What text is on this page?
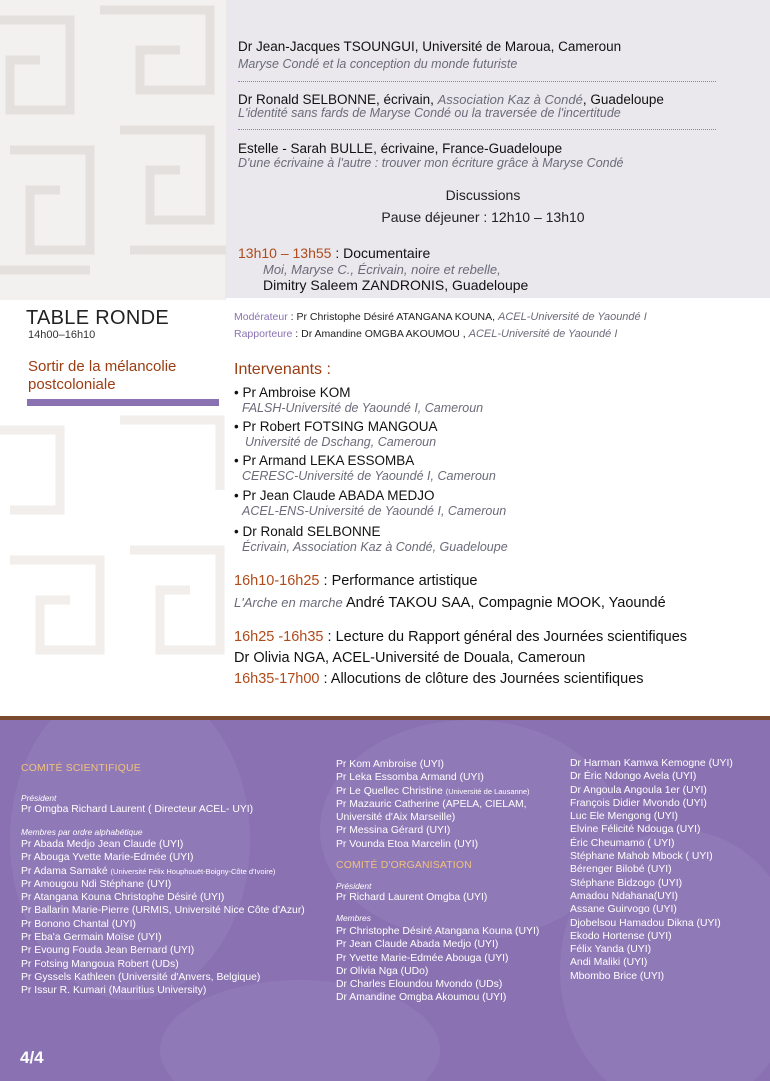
Dr Jean-Jacques TSOUNGUI, Université de Maroua, Cameroun
Maryse Condé et la conception du monde futuriste
Dr Ronald SELBONNE, écrivain, Association Kaz à Condé, Guadeloupe
L'identité sans fards de Maryse Condé ou la traversée de l'incertitude
Estelle - Sarah BULLE, écrivaine, France-Guadeloupe
D'une écrivaine à l'autre : trouver mon écriture grâce à Maryse Condé
Discussions
Pause déjeuner : 12h10 – 13h10
13h10 – 13h55 : Documentaire
Moi, Maryse C., Écrivain, noire et rebelle,
Dimitry Saleem ZANDRONIS, Guadeloupe
TABLE RONDE
14h00–16h10
Sortir de la mélancolie
postcoloniale
Modérateur : Pr Christophe Désiré ATANGANA KOUNA, ACEL-Université de Yaoundé I
Rapporteure : Dr Amandine OMGBA AKOUMOU , ACEL-Université de Yaoundé I
Intervenants :
• Pr Ambroise KOM
FALSH-Université de Yaoundé I, Cameroun
• Pr Robert FOTSING MANGOUA
Université de Dschang, Cameroun
• Pr Armand LEKA ESSOMBA
CERESC-Université de Yaoundé I, Cameroun
• Pr Jean Claude ABADA MEDJO
ACEL-ENS-Université de Yaoundé I, Cameroun
• Dr Ronald SELBONNE
Écrivain, Association Kaz à Condé, Guadeloupe
16h10-16h25 : Performance artistique
L'Arche en marche André TAKOU SAA, Compagnie MOOK, Yaoundé
16h25 -16h35 : Lecture du Rapport général des Journées scientifiques
Dr Olivia NGA, ACEL-Université de Douala, Cameroun
16h35-17h00 : Allocutions de clôture des Journées scientifiques
COMITÉ SCIENTIFIQUE
Président
Pr Omgba Richard Laurent ( Directeur ACEL- UYI)
Membres par ordre alphabétique
Pr Abada Medjo Jean Claude (UYI)
Pr Abouga Yvette Marie-Edmée (UYI)
Pr Adama Samaké (Université Félix Houphouët-Boigny-Côte d'Ivoire)
Pr Amougou Ndi Stéphane (UYI)
Pr Atangana Kouna Christophe Désiré (UYI)
Pr Ballarin Marie-Pierre (URMIS, Université Nice Côte d'Azur)
Pr Bonono Chantal (UYI)
Pr Eba'a Germain Moïse (UYI)
Pr Evoung Fouda Jean Bernard (UYI)
Pr Fotsing Mangoua Robert (UDs)
Pr Gyssels Kathleen (Université d'Anvers, Belgique)
Pr Issur R. Kumari (Mauritius University)
Pr Kom Ambroise (UYI)
Pr Leka Essomba Armand (UYI)
Pr Le Quellec Christine (Université de Lausanne)
Pr Mazauric Catherine (APELA, CIELAM,
Université d'Aix Marseille)
Pr Messina Gérard (UYI)
Pr Vounda Etoa Marcelin (UYI)
COMITÉ D'ORGANISATION
Président
Pr Richard Laurent Omgba (UYI)
Membres
Pr Christophe Désiré Atangana Kouna (UYI)
Pr Jean Claude Abada Medjo (UYI)
Pr Yvette Marie-Edmée Abouga (UYI)
Dr Olivia Nga (UDo)
Dr Charles Eloundou Mvondo (UDs)
Dr Amandine Omgba Akoumou (UYI)
Dr Harman Kamwa Kemogne (UYI)
Dr Éric Ndongo Avela (UYI)
Dr Angoula Angoula 1er (UYI)
François Didier Mvondo (UYI)
Luc Ele Mengong (UYI)
Elvine Félicité Ndouga (UYI)
Éric Cheumamo ( UYI)
Stéphane Mahob Mbock ( UYI)
Bérenger Bilobé (UYI)
Stéphane Bidzogo (UYI)
Amadou Ndahana(UYI)
Assane Guirvogo (UYI)
Djobelsou Hamadou Dikna (UYI)
Ekodo Hortense (UYI)
Félix Yanda (UYI)
Andi Maliki (UYI)
Mbombo Brice (UYI)
4/4
